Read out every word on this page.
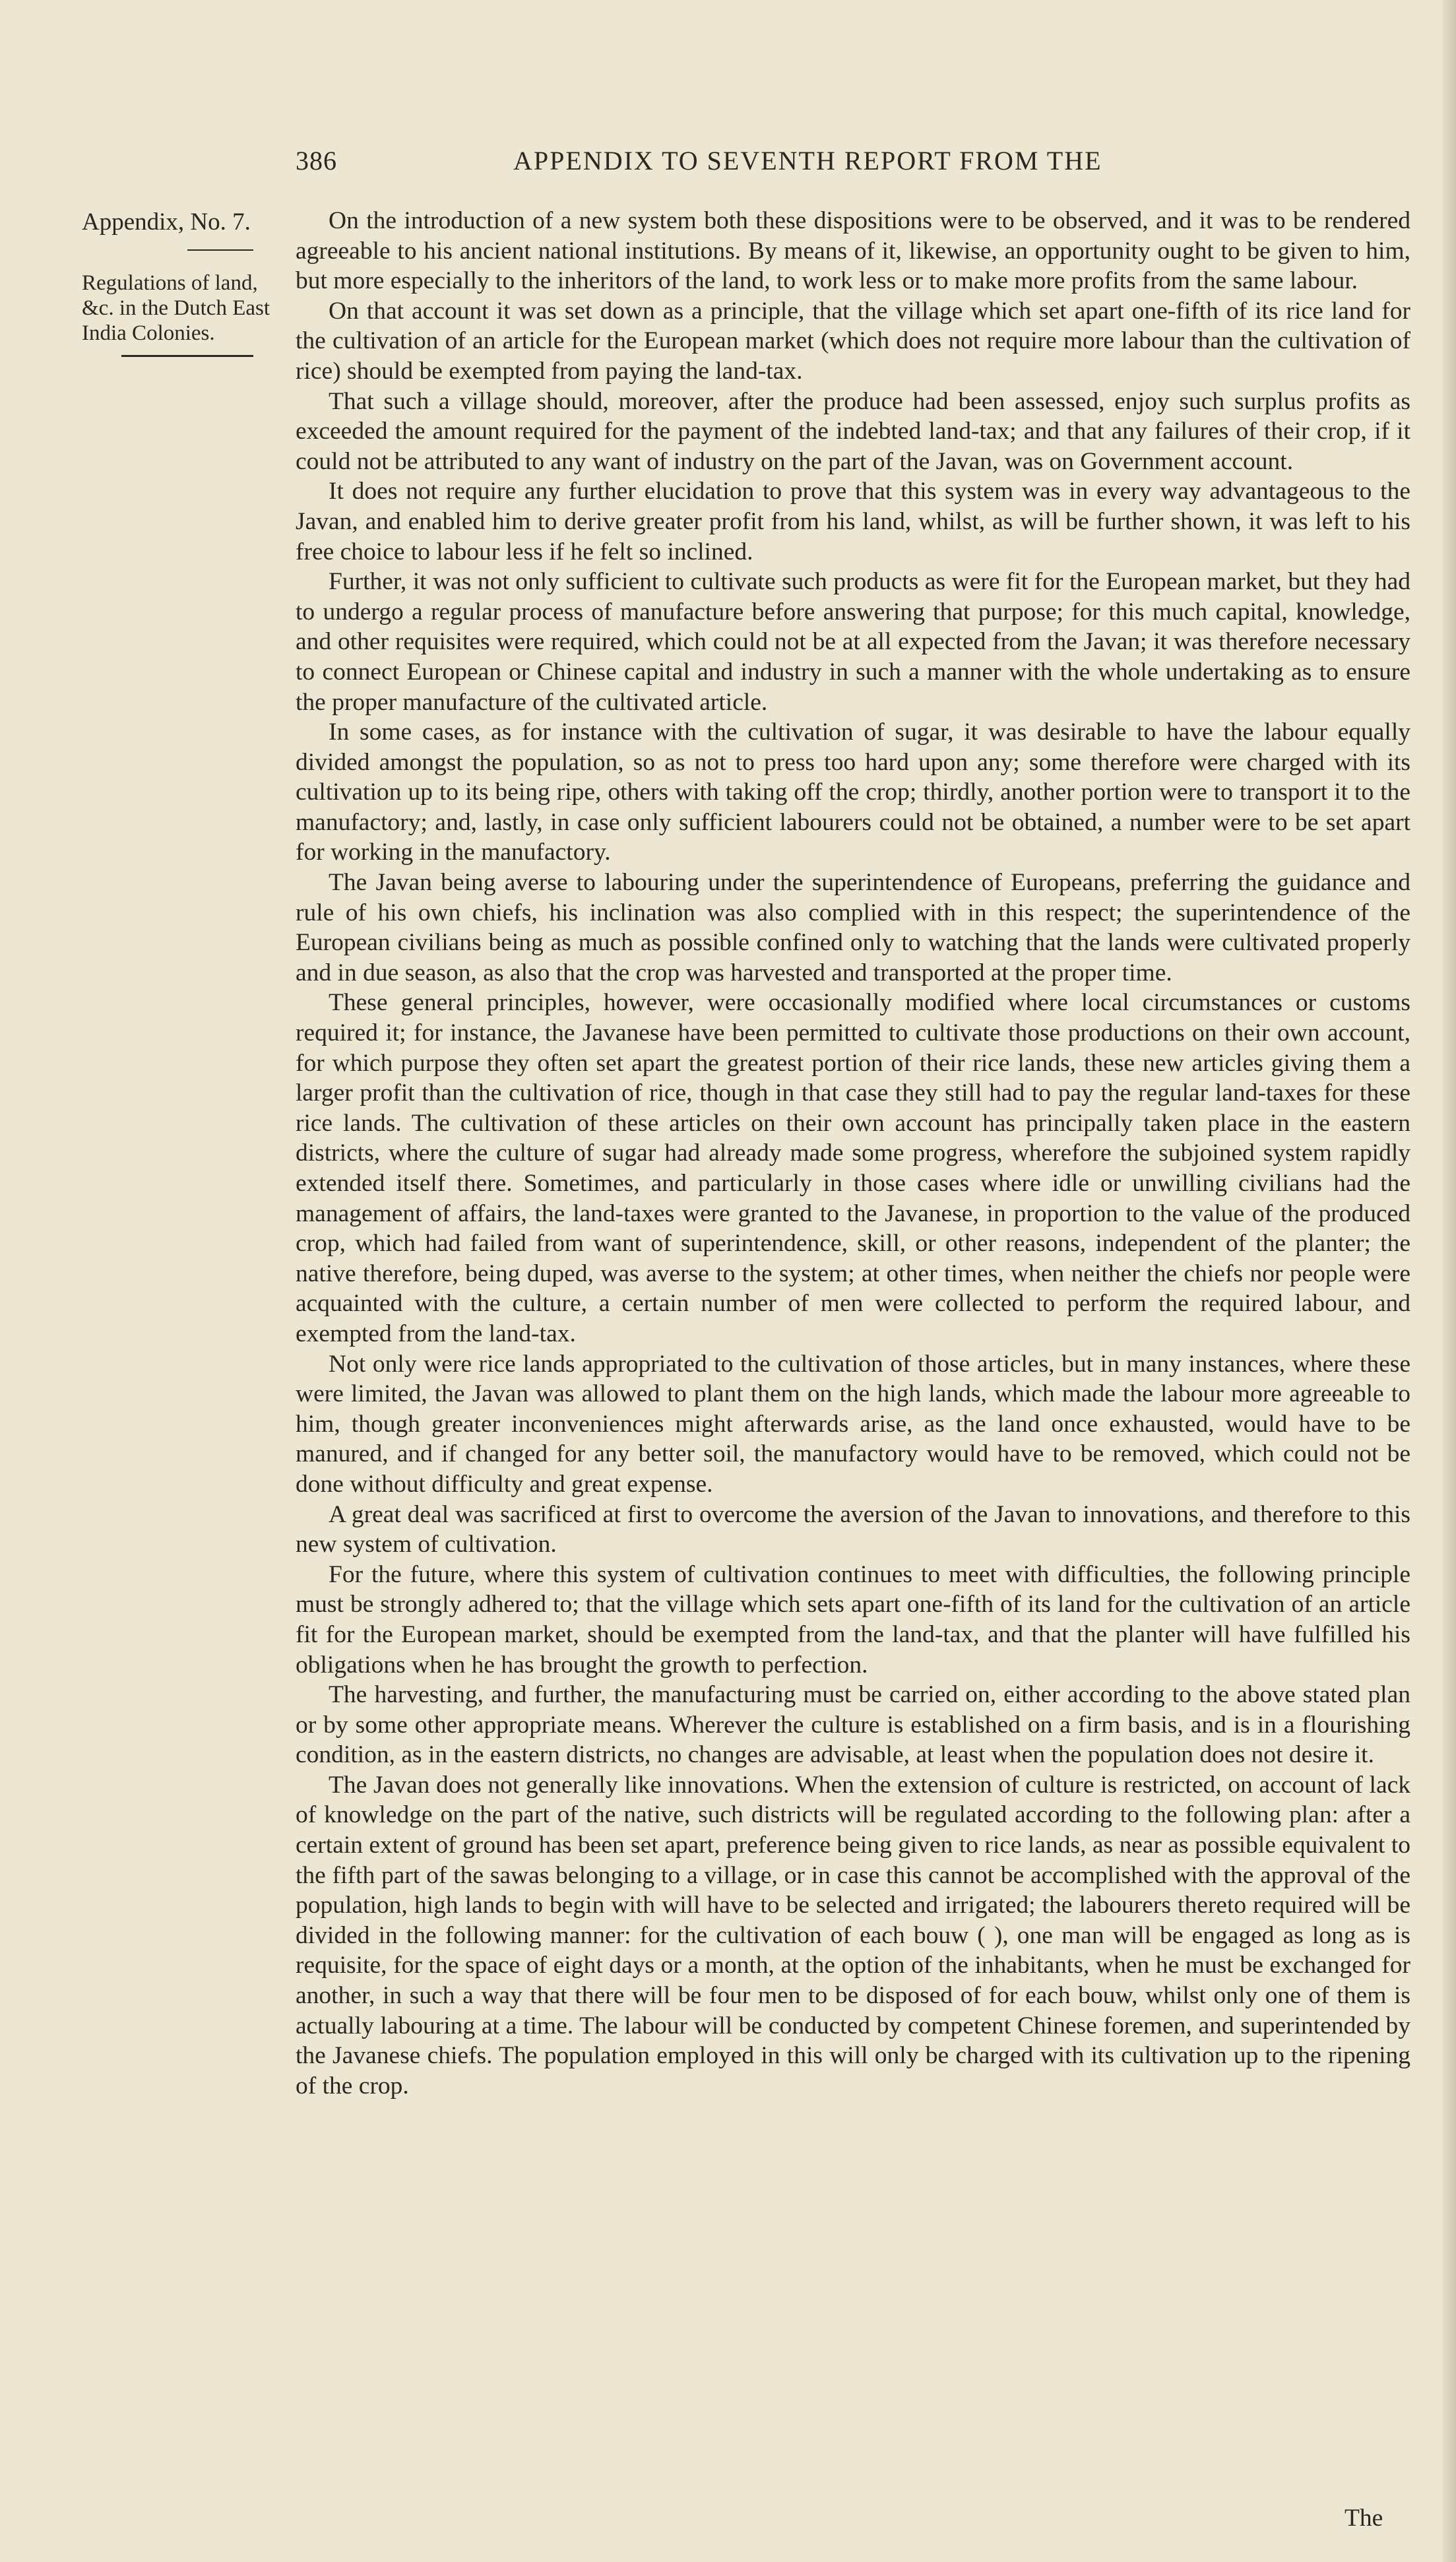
386	APPENDIX TO SEVENTH REPORT FROM THE
Appendix, No. 7.
Regulations of land, &c. in the Dutch East India Colonies.

On the introduction of a new system both these dispositions were to be observed, and it was to be rendered agreeable to his ancient national institutions. By means of it, likewise, an opportunity ought to be given to him, but more especially to the inheritors of the land, to work less or to make more profits from the same labour.

On that account it was set down as a principle, that the village which set apart one-fifth of its rice land for the cultivation of an article for the European market (which does not require more labour than the cultivation of rice) should be exempted from paying the land-tax.

That such a village should, moreover, after the produce had been assessed, enjoy such surplus profits as exceeded the amount required for the payment of the indebted land-tax; and that any failures of their crop, if it could not be attributed to any want of industry on the part of the Javan, was on Government account.

It does not require any further elucidation to prove that this system was in every way advantageous to the Javan, and enabled him to derive greater profit from his land, whilst, as will be further shown, it was left to his free choice to labour less if he felt so inclined.

Further, it was not only sufficient to cultivate such products as were fit for the European market, but they had to undergo a regular process of manufacture before answering that purpose; for this much capital, knowledge, and other requisites were required, which could not be at all expected from the Javan; it was therefore necessary to connect European or Chinese capital and industry in such a manner with the whole undertaking as to ensure the proper manufacture of the cultivated article.

In some cases, as for instance with the cultivation of sugar, it was desirable to have the labour equally divided amongst the population, so as not to press too hard upon any; some therefore were charged with its cultivation up to its being ripe, others with taking off the crop; thirdly, another portion were to transport it to the manufactory; and, lastly, in case only sufficient labourers could not be obtained, a number were to be set apart for working in the manufactory.

The Javan being averse to labouring under the superintendence of Europeans, preferring the guidance and rule of his own chiefs, his inclination was also complied with in this respect; the superintendence of the European civilians being as much as possible confined only to watching that the lands were cultivated properly and in due season, as also that the crop was harvested and transported at the proper time.

These general principles, however, were occasionally modified where local circumstances or customs required it; for instance, the Javanese have been permitted to cultivate those productions on their own account, for which purpose they often set apart the greatest portion of their rice lands, these new articles giving them a larger profit than the cultivation of rice, though in that case they still had to pay the regular land-taxes for these rice lands. The cultivation of these articles on their own account has principally taken place in the eastern districts, where the culture of sugar had already made some progress, wherefore the subjoined system rapidly extended itself there. Sometimes, and particularly in those cases where idle or unwilling civilians had the management of affairs, the land-taxes were granted to the Javanese, in proportion to the value of the produced crop, which had failed from want of superintendence, skill, or other reasons, independent of the planter; the native therefore, being duped, was averse to the system; at other times, when neither the chiefs nor people were acquainted with the culture, a certain number of men were collected to perform the required labour, and exempted from the land-tax.

Not only were rice lands appropriated to the cultivation of those articles, but in many instances, where these were limited, the Javan was allowed to plant them on the high lands, which made the labour more agreeable to him, though greater inconveniences might afterwards arise, as the land once exhausted, would have to be manured, and if changed for any better soil, the manufactory would have to be removed, which could not be done without difficulty and great expense.

A great deal was sacrificed at first to overcome the aversion of the Javan to innovations, and therefore to this new system of cultivation.

For the future, where this system of cultivation continues to meet with difficulties, the following principle must be strongly adhered to; that the village which sets apart one-fifth of its land for the cultivation of an article fit for the European market, should be exempted from the land-tax, and that the planter will have fulfilled his obligations when he has brought the growth to perfection.

The harvesting, and further, the manufacturing must be carried on, either according to the above stated plan or by some other appropriate means. Wherever the culture is established on a firm basis, and is in a flourishing condition, as in the eastern districts, no changes are advisable, at least when the population does not desire it.

The Javan does not generally like innovations. When the extension of culture is restricted, on account of lack of knowledge on the part of the native, such districts will be regulated according to the following plan: after a certain extent of ground has been set apart, preference being given to rice lands, as near as possible equivalent to the fifth part of the sawas belonging to a village, or in case this cannot be accomplished with the approval of the population, high lands to begin with will have to be selected and irrigated; the labourers thereto required will be divided in the following manner: for the cultivation of each bouw ( ), one man will be engaged as long as is requisite, for the space of eight days or a month, at the option of the inhabitants, when he must be exchanged for another, in such a way that there will be four men to be disposed of for each bouw, whilst only one of them is actually labouring at a time. The labour will be conducted by competent Chinese foremen, and superintended by the Javanese chiefs. The population employed in this will only be charged with its cultivation up to the ripening of the crop.

The
